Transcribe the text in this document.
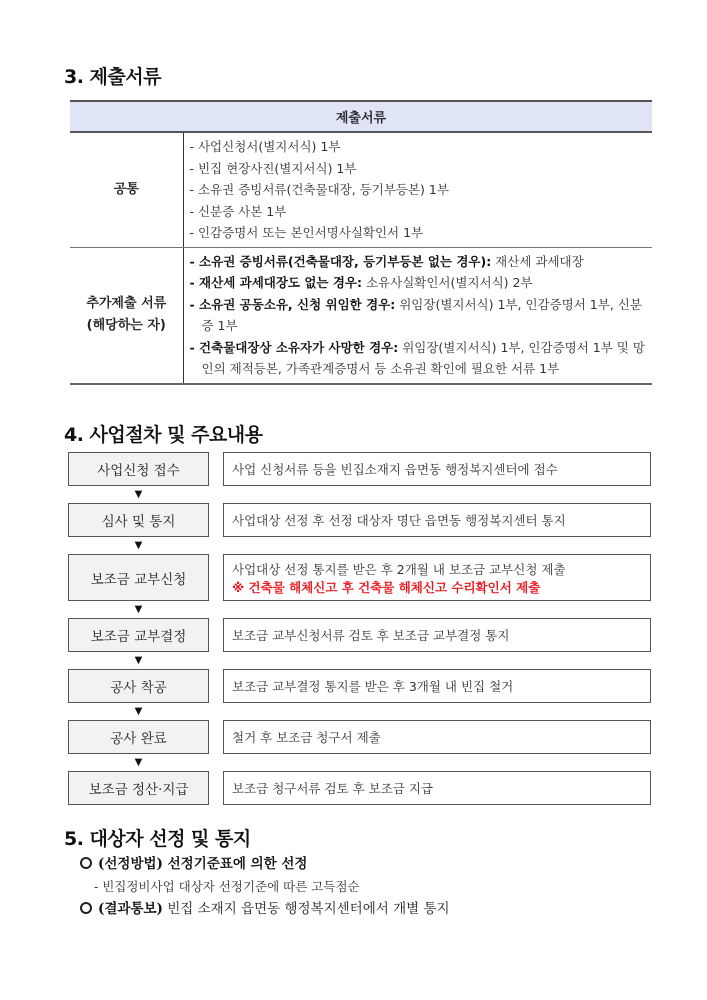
3. 제출서류
제출서류	

공통	- 사업신청서(별지서식) 1부
- 빈집 현장사진(별지서식) 1부
- 소유권 증빙서류(건축물대장, 등기부등본) 1부
- 신분증 사본 1부
- 인감증명서 또는 본인서명사실확인서 1부

추가제출 서류
(해당하는 자)

- 소유권 증빙서류(건축물대장, 등기부등본 없는 경우): 재산세 과세대장
- 재산세 과세대장도 없는 경우: 소유사실확인서(별지서식) 2부
- 소유권 공동소유, 신청 위임한 경우: 위임장(별지서식) 1부, 인감증명서 1부, 신분증 1부
- 건축물대장상 소유자가 사망한 경우: 위임장(별지서식) 1부, 인감증명서 1부 및 망인의 제적등본, 가족관계증명서 등 소유권 확인에 필요한 서류 1부
4. 사업절차 및 주요내용
사업신청 접수	사업 신청서류 등을 빈집소재지 읍면동 행정복지센터에 접수
▼
심사 및 통지	사업대상 선정 후 선정 대상자 명단 읍면동 행정복지센터 통지
▼
보조금 교부신청
사업대상 선정 통지를 받은 후 2개월 내 보조금 교부신청 제출
※ 건축물 해체신고 후 건축물 해체신고 수리확인서 제출
▼
보조금 교부결정	보조금 교부신청서류 검토 후 보조금 교부결정 통지
▼
공사 착공	보조금 교부결정 통지를 받은 후 3개월 내 빈집 철거
▼
공사 완료	철거 후 보조금 청구서 제출
▼
보조금 정산·지급	보조금 청구서류 검토 후 보조금 지급
5. 대상자 선정 및 통지
(선정방법) 선정기준표에 의한 선정
- 빈집정비사업 대상자 선정기준에 따른 고득점순
(결과통보) 빈집 소재지 읍면동 행정복지센터에서 개별 통지
